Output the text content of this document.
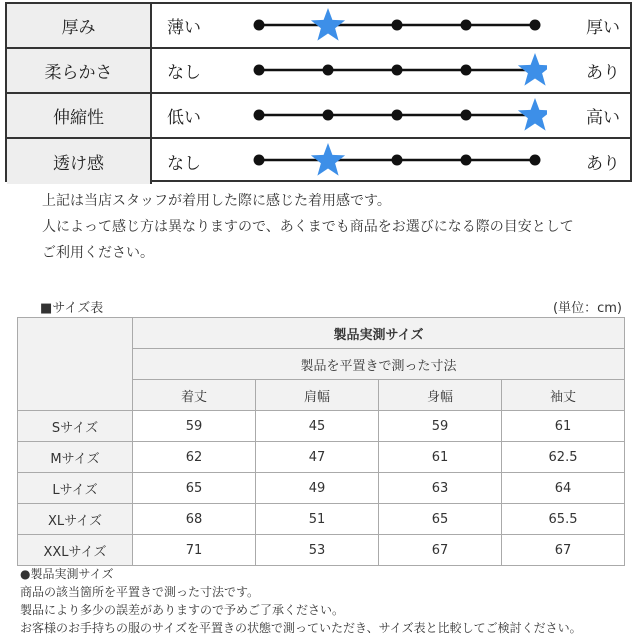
厚み	薄い	厚い
柔らかさ	なし	あり
伸縮性	低い	高い
透け感	なし	あり
上記は当店スタッフが着用した際に感じた着用感です。
人によって感じ方は異なりますので、あくまでも商品をお選びになる際の目安として
ご利用ください。
■サイズ表	(単位：cm)
	製品実測サイズ			
	製品を平置きで測った寸法			
	着丈	肩幅	身幅	袖丈
Sサイズ	59	45	59	61
Mサイズ	62	47	61	62.5
Lサイズ	65	49	63	64
XLサイズ	68	51	65	65.5
XXLサイズ	71	53	67	67
●製品実測サイズ
商品の該当箇所を平置きで測った寸法です。
製品により多少の誤差がありますので予めご了承ください。
お客様のお手持ちの服のサイズを平置きの状態で測っていただき、サイズ表と比較してご検討ください。
